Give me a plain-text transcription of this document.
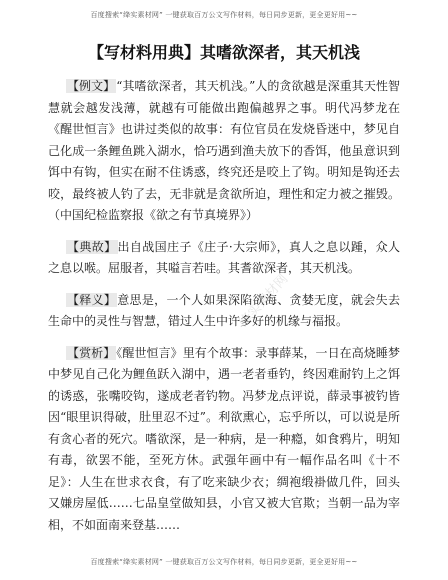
百度搜索“绛实素材网” 一键获取百万公文写作材料，每日同步更新，更全更好用~~
【写材料用典】其嗜欲深者，其天机浅

【例文】“其嗜欲深者，其天机浅。”人的贪欲越是深重其天性智慧就会越发浅薄，就越有可能做出跑偏越界之事。明代冯梦龙在《醒世恒言》也讲过类似的故事：有位官员在发烧昏迷中，梦见自己化成一条鲤鱼跳入湖水，恰巧遇到渔夫放下的香饵，他虽意识到饵中有钩，但实在耐不住诱惑，终究还是咬上了钩。明知是钩还去咬，最终被人钓了去，无非就是贪欲所迫，理性和定力被之摧毁。（中国纪检监察报《欲之有节真境界》）

【典故】出自战国庄子《庄子·大宗师》，真人之息以踵，众人之息以喉。屈服者，其嗌言若哇。其耆欲深者，其天机浅。

【释义】意思是，一个人如果深陷欲海、贪婪无度，就会失去生命中的灵性与智慧，错过人生中许多好的机缘与福报。

【赏析】《醒世恒言》里有个故事：录事薛某，一日在高烧睡梦中梦见自己化为鲤鱼跃入湖中，遇一老者垂钓，终因难耐钓上之饵的诱惑，张嘴咬钩，遂成老者钓物。冯梦龙点评说，薛录事被钓皆因“眼里识得破，肚里忍不过”。利欲熏心，忘乎所以，可以说是所有贪心者的死穴。嗜欲深，是一种病，是一种瘾，如食鸦片，明知有毒，欲罢不能，至死方休。武强年画中有一幅作品名叫《十不足》：人生在世求衣食，有了吃来缺少衣；绸袍缎褂做几件，回头又嫌房屋低……七品皇堂做知县，小官又被大官欺；当朝一品为宰相，不如面南来登基……

绛实素材网
百度搜索“绛实素材网” 一键获取百万公文写作材料，每日同步更新，更全更好用~~
